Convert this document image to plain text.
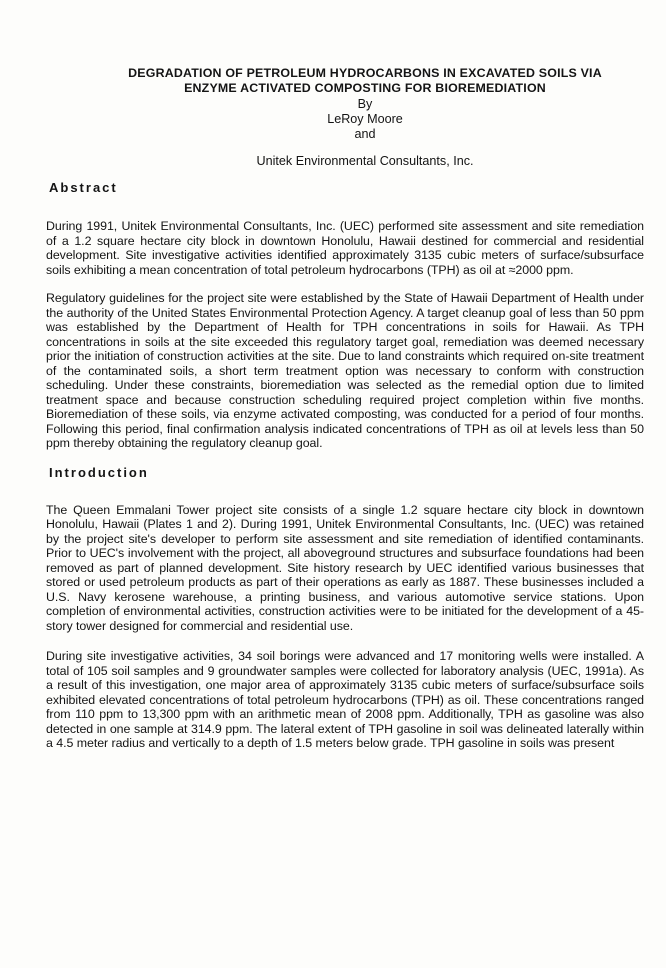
DEGRADATION OF PETROLEUM HYDROCARBONS IN EXCAVATED SOILS VIA
ENZYME ACTIVATED COMPOSTING FOR BIOREMEDIATION
By
LeRoy Moore
and
Unitek Environmental Consultants, Inc.
Abstract

During 1991, Unitek Environmental Consultants, Inc. (UEC) performed site assessment and site remediation of a 1.2 square hectare city block in downtown Honolulu, Hawaii destined for commercial and residential development. Site investigative activities identified approximately 3135 cubic meters of surface/subsurface soils exhibiting a mean concentration of total petroleum hydrocarbons (TPH) as oil at ≈2000 ppm.

Regulatory guidelines for the project site were established by the State of Hawaii Department of Health under the authority of the United States Environmental Protection Agency. A target cleanup goal of less than 50 ppm was established by the Department of Health for TPH concentrations in soils for Hawaii. As TPH concentrations in soils at the site exceeded this regulatory target goal, remediation was deemed necessary prior the initiation of construction activities at the site. Due to land constraints which required on-site treatment of the contaminated soils, a short term treatment option was necessary to conform with construction scheduling. Under these constraints, bioremediation was selected as the remedial option due to limited treatment space and because construction scheduling required project completion within five months. Bioremediation of these soils, via enzyme activated composting, was conducted for a period of four months. Following this period, final confirmation analysis indicated concentrations of TPH as oil at levels less than 50 ppm thereby obtaining the regulatory cleanup goal.

Introduction

The Queen Emmalani Tower project site consists of a single 1.2 square hectare city block in downtown Honolulu, Hawaii (Plates 1 and 2). During 1991, Unitek Environmental Consultants, Inc. (UEC) was retained by the project site's developer to perform site assessment and site remediation of identified contaminants. Prior to UEC's involvement with the project, all aboveground structures and subsurface foundations had been removed as part of planned development. Site history research by UEC identified various businesses that stored or used petroleum products as part of their operations as early as 1887. These businesses included a U.S. Navy kerosene warehouse, a printing business, and various automotive service stations. Upon completion of environmental activities, construction activities were to be initiated for the development of a 45-story tower designed for commercial and residential use.

During site investigative activities, 34 soil borings were advanced and 17 monitoring wells were installed. A total of 105 soil samples and 9 groundwater samples were collected for laboratory analysis (UEC, 1991a). As a result of this investigation, one major area of approximately 3135 cubic meters of surface/subsurface soils exhibited elevated concentrations of total petroleum hydrocarbons (TPH) as oil. These concentrations ranged from 110 ppm to 13,300 ppm with an arithmetic mean of 2008 ppm. Additionally, TPH as gasoline was also detected in one sample at 314.9 ppm. The lateral extent of TPH gasoline in soil was delineated laterally within a 4.5 meter radius and vertically to a depth of 1.5 meters below grade. TPH gasoline in soils was present
